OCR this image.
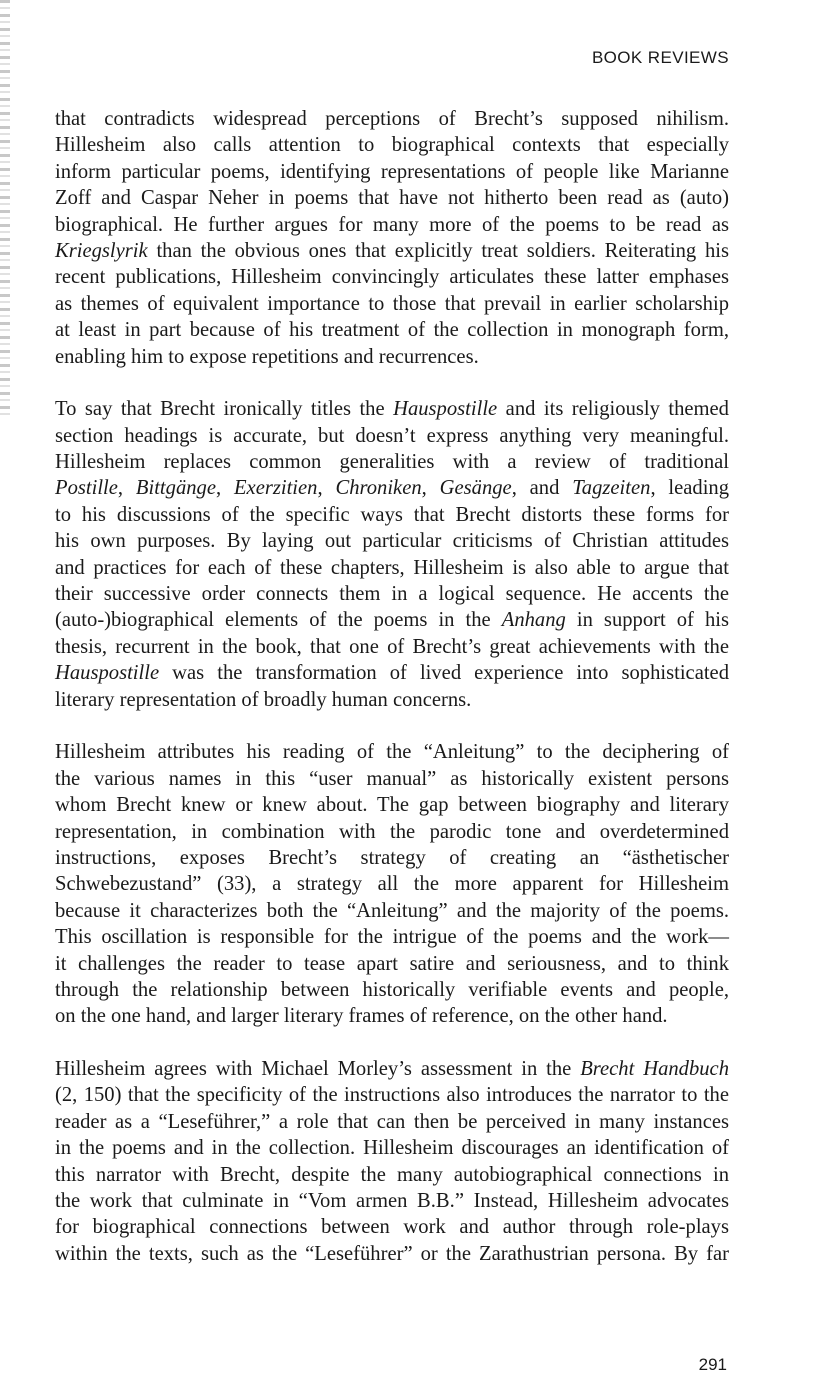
BOOK REVIEWS
that contradicts widespread perceptions of Brecht’s supposed nihilism.
Hillesheim also calls attention to biographical contexts that especially
inform particular poems, identifying representations of people like Marianne
Zoff and Caspar Neher in poems that have not hitherto been read as (auto)
biographical. He further argues for many more of the poems to be read as
Kriegslyrik than the obvious ones that explicitly treat soldiers. Reiterating his
recent publications, Hillesheim convincingly articulates these latter emphases
as themes of equivalent importance to those that prevail in earlier scholarship
at least in part because of his treatment of the collection in monograph form,
enabling him to expose repetitions and recurrences.
To say that Brecht ironically titles the Hauspostille and its religiously themed
section headings is accurate, but doesn’t express anything very meaningful.
Hillesheim replaces common generalities with a review of traditional
Postille, Bittgänge, Exerzitien, Chroniken, Gesänge, and Tagzeiten, leading
to his discussions of the specific ways that Brecht distorts these forms for
his own purposes. By laying out particular criticisms of Christian attitudes
and practices for each of these chapters, Hillesheim is also able to argue that
their successive order connects them in a logical sequence. He accents the
(auto-)biographical elements of the poems in the Anhang in support of his
thesis, recurrent in the book, that one of Brecht’s great achievements with the
Hauspostille was the transformation of lived experience into sophisticated
literary representation of broadly human concerns.
Hillesheim attributes his reading of the “Anleitung” to the deciphering of
the various names in this “user manual” as historically existent persons
whom Brecht knew or knew about. The gap between biography and literary
representation, in combination with the parodic tone and overdetermined
instructions, exposes Brecht’s strategy of creating an “ästhetischer
Schwebezustand” (33), a strategy all the more apparent for Hillesheim
because it characterizes both the “Anleitung” and the majority of the poems.
This oscillation is responsible for the intrigue of the poems and the work—
it challenges the reader to tease apart satire and seriousness, and to think
through the relationship between historically verifiable events and people,
on the one hand, and larger literary frames of reference, on the other hand.
Hillesheim agrees with Michael Morley’s assessment in the Brecht Handbuch
(2, 150) that the specificity of the instructions also introduces the narrator to the
reader as a “Leseführer,” a role that can then be perceived in many instances
in the poems and in the collection. Hillesheim discourages an identification of
this narrator with Brecht, despite the many autobiographical connections in
the work that culminate in “Vom armen B.B.” Instead, Hillesheim advocates
for biographical connections between work and author through role-plays
within the texts, such as the “Leseführer” or the Zarathustrian persona. By far
291
